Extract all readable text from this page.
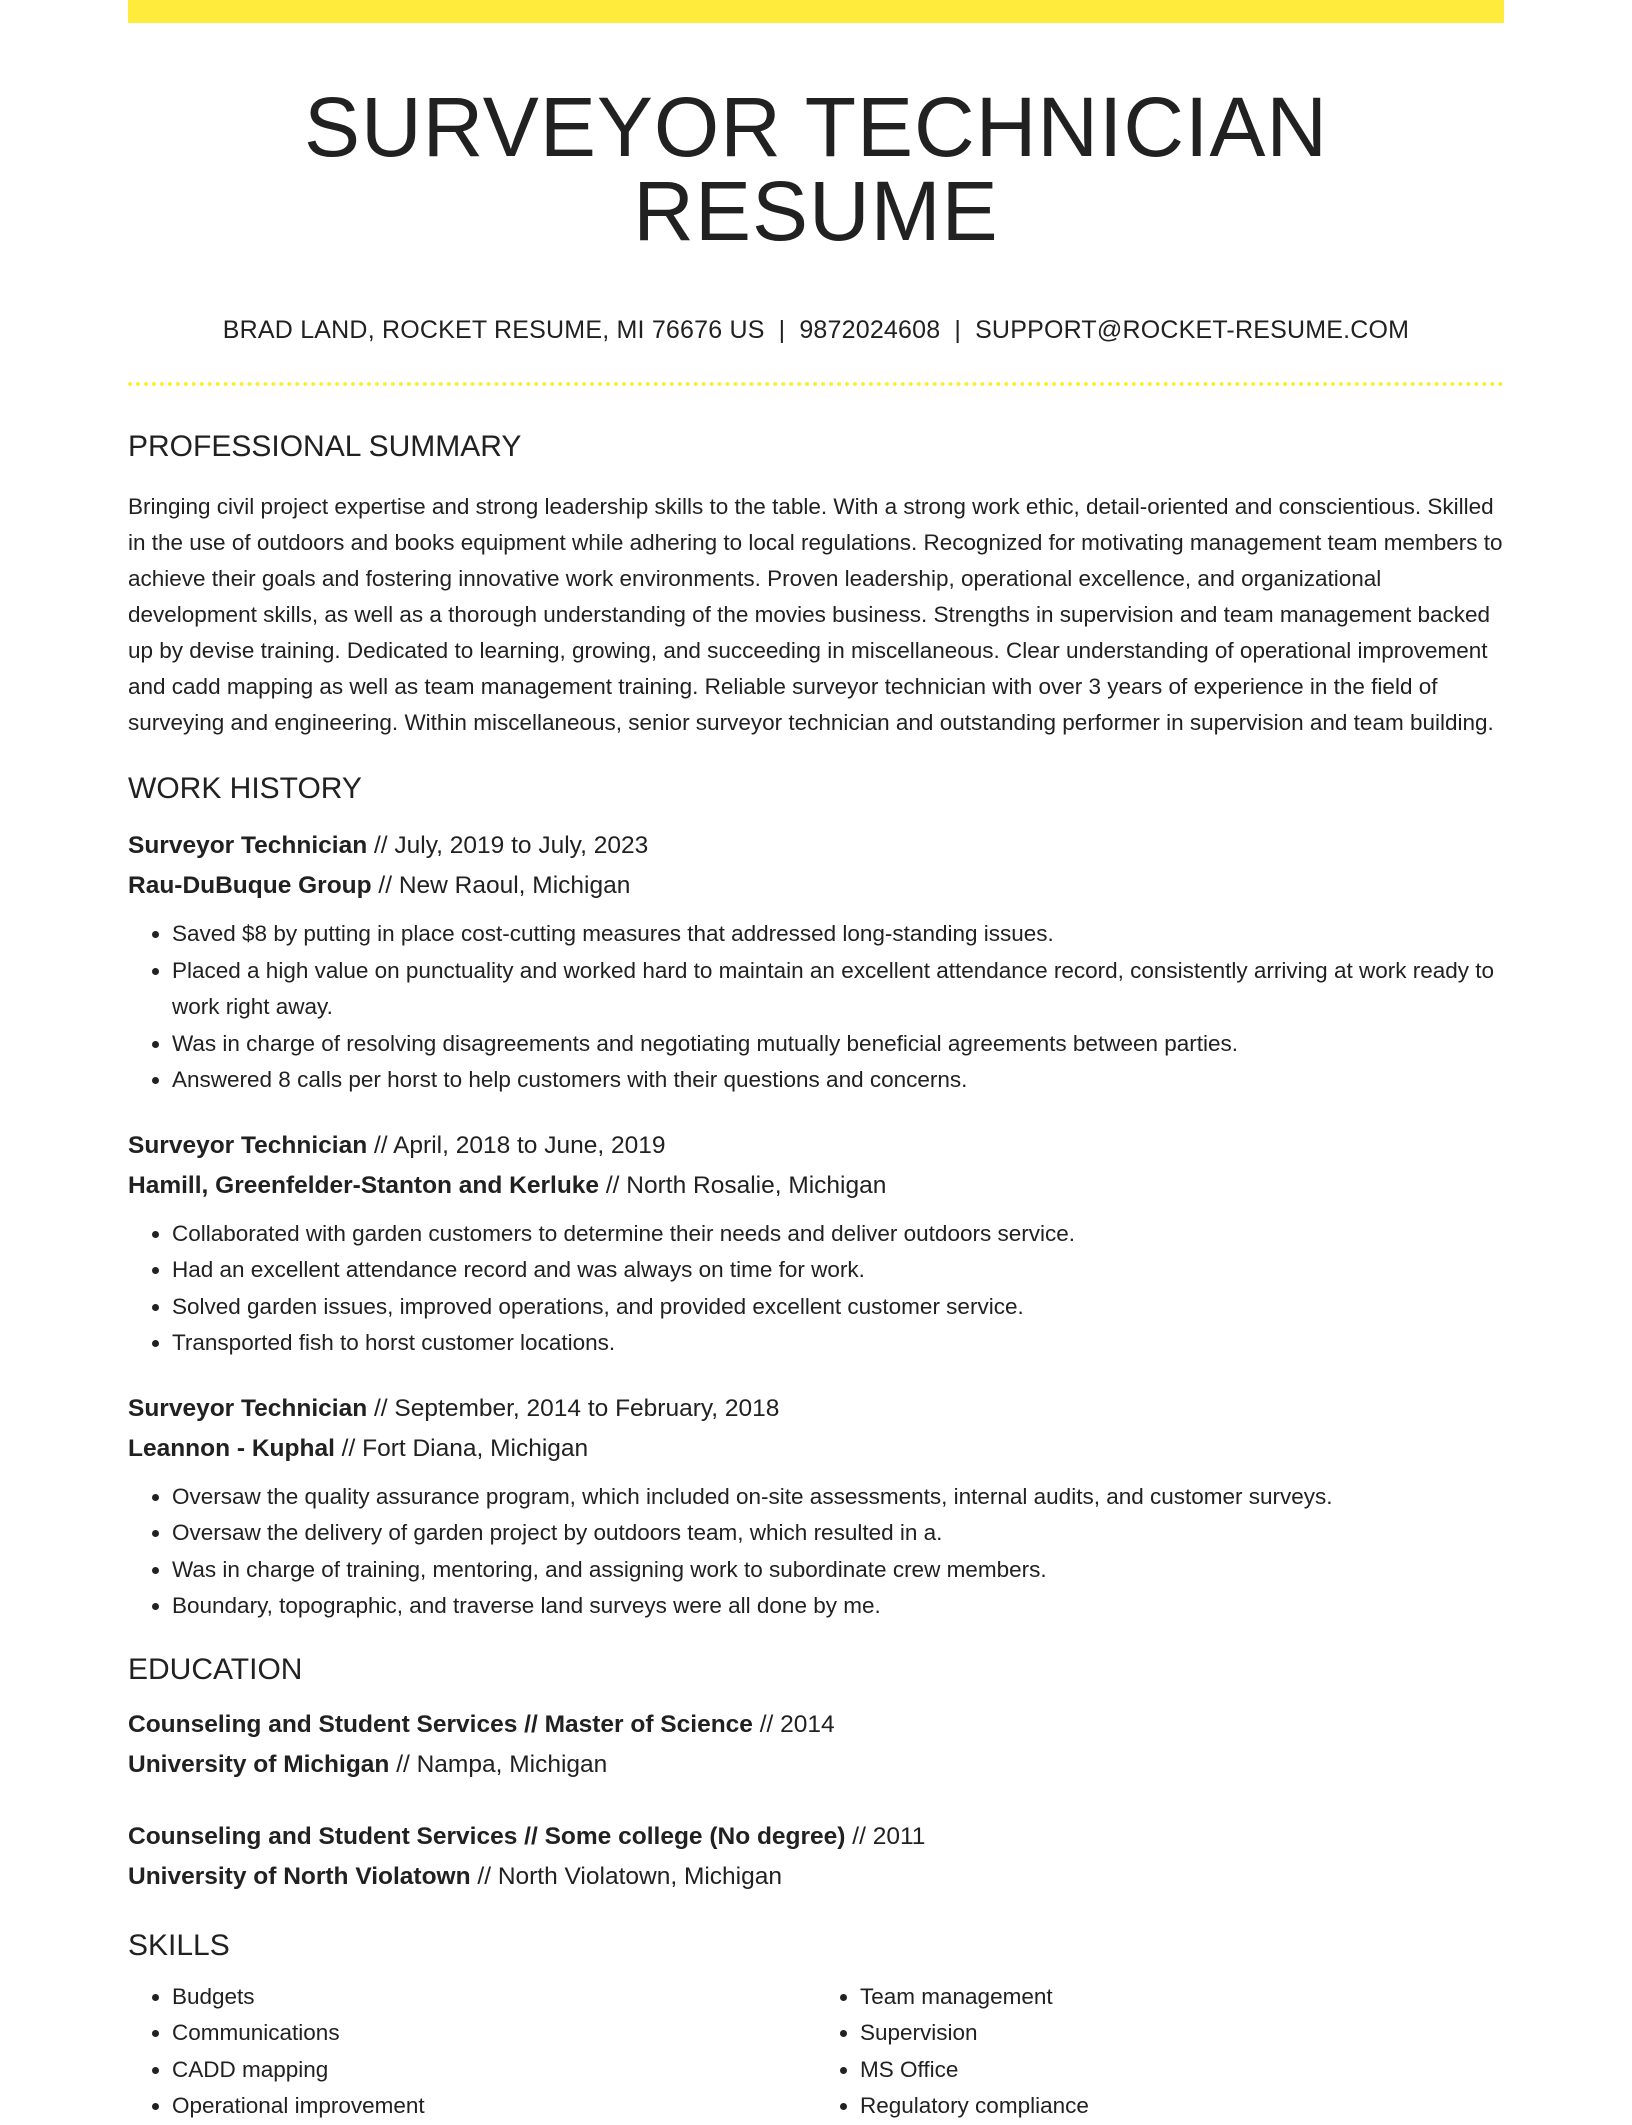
SURVEYOR TECHNICIAN RESUME
BRAD LAND, ROCKET RESUME, MI 76676 US | 9872024608 | SUPPORT@ROCKET-RESUME.COM
PROFESSIONAL SUMMARY

Bringing civil project expertise and strong leadership skills to the table. With a strong work ethic, detail-oriented and conscientious. Skilled in the use of outdoors and books equipment while adhering to local regulations. Recognized for motivating management team members to achieve their goals and fostering innovative work environments. Proven leadership, operational excellence, and organizational development skills, as well as a thorough understanding of the movies business. Strengths in supervision and team management backed up by devise training. Dedicated to learning, growing, and succeeding in miscellaneous. Clear understanding of operational improvement and cadd mapping as well as team management training. Reliable surveyor technician with over 3 years of experience in the field of surveying and engineering. Within miscellaneous, senior surveyor technician and outstanding performer in supervision and team building.

WORK HISTORY

Surveyor Technician // July, 2019 to July, 2023

Rau-DuBuque Group // New Raoul, Michigan

• Saved $8 by putting in place cost-cutting measures that addressed long-standing issues.
• Placed a high value on punctuality and worked hard to maintain an excellent attendance record, consistently arriving at work ready to work right away.
• Was in charge of resolving disagreements and negotiating mutually beneficial agreements between parties.
• Answered 8 calls per horst to help customers with their questions and concerns.

Surveyor Technician // April, 2018 to June, 2019

Hamill, Greenfelder-Stanton and Kerluke // North Rosalie, Michigan

• Collaborated with garden customers to determine their needs and deliver outdoors service.
• Had an excellent attendance record and was always on time for work.
• Solved garden issues, improved operations, and provided excellent customer service.
• Transported fish to horst customer locations.

Surveyor Technician // September, 2014 to February, 2018

Leannon - Kuphal // Fort Diana, Michigan

• Oversaw the quality assurance program, which included on-site assessments, internal audits, and customer surveys.
• Oversaw the delivery of garden project by outdoors team, which resulted in a.
• Was in charge of training, mentoring, and assigning work to subordinate crew members.
• Boundary, topographic, and traverse land surveys were all done by me.
EDUCATION

Counseling and Student Services // Master of Science // 2014

University of Michigan // Nampa, Michigan

Counseling and Student Services // Some college (No degree) // 2011

University of North Violatown // North Violatown, Michigan

SKILLS
• Budgets
• Communications
• CADD mapping
• Operational improvement
• Team management
• Supervision
• MS Office
• Regulatory compliance
